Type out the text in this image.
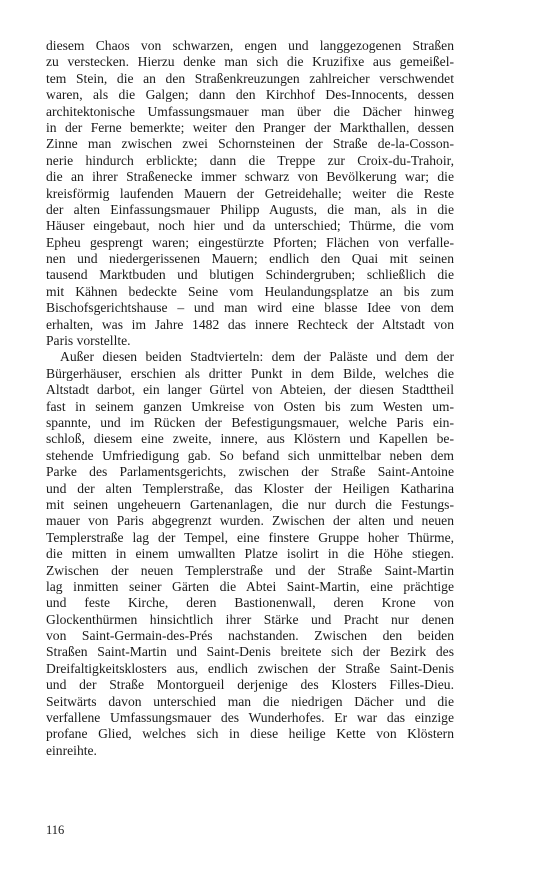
diesem Chaos von schwarzen, engen und langgezogenen Straßen
zu verstecken. Hierzu denke man sich die Kruzifixe aus gemeißel-
tem Stein, die an den Straßenkreuzungen zahlreicher verschwendet
waren, als die Galgen; dann den Kirchhof Des-Innocents, dessen
architektonische Umfassungsmauer man über die Dächer hinweg
in der Ferne bemerkte; weiter den Pranger der Markthallen, dessen
Zinne man zwischen zwei Schornsteinen der Straße de-la-Cosson-
nerie hindurch erblickte; dann die Treppe zur Croix-du-Trahoir,
die an ihrer Straßenecke immer schwarz von Bevölkerung war; die
kreisförmig laufenden Mauern der Getreidehalle; weiter die Reste
der alten Einfassungsmauer Philipp Augusts, die man, als in die
Häuser eingebaut, noch hier und da unterschied; Thürme, die vom
Epheu gesprengt waren; eingestürzte Pforten; Flächen von verfalle-
nen und niedergerissenen Mauern; endlich den Quai mit seinen
tausend Marktbuden und blutigen Schindergruben; schließlich die
mit Kähnen bedeckte Seine vom Heulandungsplatze an bis zum
Bischofsgerichtshause – und man wird eine blasse Idee von dem
erhalten, was im Jahre 1482 das innere Rechteck der Altstadt von
Paris vorstellte.
Außer diesen beiden Stadtvierteln: dem der Paläste und dem der
Bürgerhäuser, erschien als dritter Punkt in dem Bilde, welches die
Altstadt darbot, ein langer Gürtel von Abteien, der diesen Stadttheil
fast in seinem ganzen Umkreise von Osten bis zum Westen um-
spannte, und im Rücken der Befestigungsmauer, welche Paris ein-
schloß, diesem eine zweite, innere, aus Klöstern und Kapellen be-
stehende Umfriedigung gab. So befand sich unmittelbar neben dem
Parke des Parlamentsgerichts, zwischen der Straße Saint-Antoine
und der alten Templerstraße, das Kloster der Heiligen Katharina
mit seinen ungeheuern Gartenanlagen, die nur durch die Festungs-
mauer von Paris abgegrenzt wurden. Zwischen der alten und neuen
Templerstraße lag der Tempel, eine finstere Gruppe hoher Thürme,
die mitten in einem umwallten Platze isolirt in die Höhe stiegen.
Zwischen der neuen Templerstraße und der Straße Saint-Martin
lag inmitten seiner Gärten die Abtei Saint-Martin, eine prächtige
und feste Kirche, deren Bastionenwall, deren Krone von
Glockenthürmen hinsichtlich ihrer Stärke und Pracht nur denen
von Saint-Germain-des-Prés nachstanden. Zwischen den beiden
Straßen Saint-Martin und Saint-Denis breitete sich der Bezirk des
Dreifaltigkeitsklosters aus, endlich zwischen der Straße Saint-Denis
und der Straße Montorgueil derjenige des Klosters Filles-Dieu.
Seitwärts davon unterschied man die niedrigen Dächer und die
verfallene Umfassungsmauer des Wunderhofes. Er war das einzige
profane Glied, welches sich in diese heilige Kette von Klöstern
einreihte.
116
